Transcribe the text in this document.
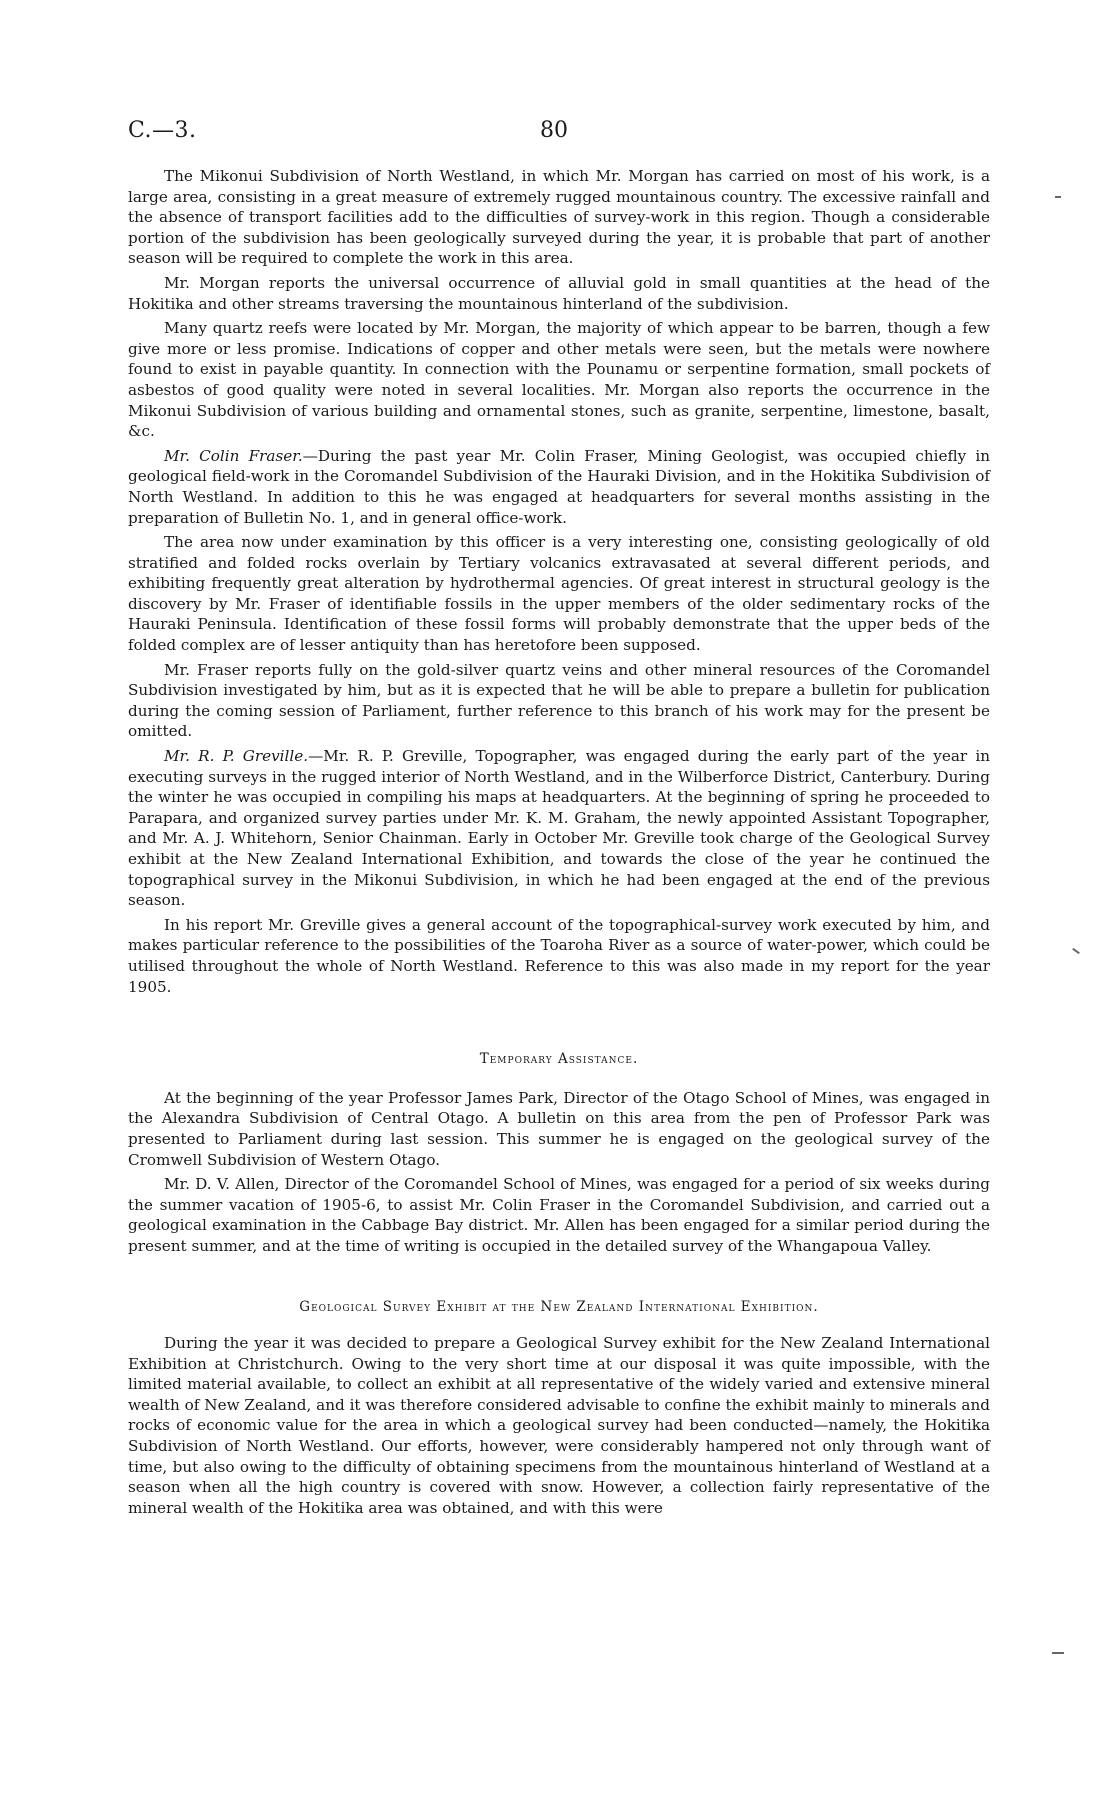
C.—3.	80

The Mikonui Subdivision of North Westland, in which Mr. Morgan has carried on most of his work, is a large area, consisting in a great measure of extremely rugged mountainous country. The excessive rainfall and the absence of transport facilities add to the difficulties of survey-work in this region. Though a considerable portion of the subdivision has been geologically surveyed during the year, it is probable that part of another season will be required to complete the work in this area.

Mr. Morgan reports the universal occurrence of alluvial gold in small quantities at the head of the Hokitika and other streams traversing the mountainous hinterland of the subdivision.

Many quartz reefs were located by Mr. Morgan, the majority of which appear to be barren, though a few give more or less promise. Indications of copper and other metals were seen, but the metals were nowhere found to exist in payable quantity. In connection with the Pounamu or serpentine formation, small pockets of asbestos of good quality were noted in several localities. Mr. Morgan also reports the occurrence in the Mikonui Subdivision of various building and ornamental stones, such as granite, serpentine, limestone, basalt, &c.

Mr. Colin Fraser.—During the past year Mr. Colin Fraser, Mining Geologist, was occupied chiefly in geological field-work in the Coromandel Subdivision of the Hauraki Division, and in the Hokitika Subdivision of North Westland. In addition to this he was engaged at headquarters for several months assisting in the preparation of Bulletin No. 1, and in general office-work.

The area now under examination by this officer is a very interesting one, consisting geologically of old stratified and folded rocks overlain by Tertiary volcanics extravasated at several different periods, and exhibiting frequently great alteration by hydrothermal agencies. Of great interest in structural geology is the discovery by Mr. Fraser of identifiable fossils in the upper members of the older sedimentary rocks of the Hauraki Peninsula. Identification of these fossil forms will probably demonstrate that the upper beds of the folded complex are of lesser antiquity than has heretofore been supposed.

Mr. Fraser reports fully on the gold-silver quartz veins and other mineral resources of the Coromandel Subdivision investigated by him, but as it is expected that he will be able to prepare a bulletin for publication during the coming session of Parliament, further reference to this branch of his work may for the present be omitted.

Mr. R. P. Greville.—Mr. R. P. Greville, Topographer, was engaged during the early part of the year in executing surveys in the rugged interior of North Westland, and in the Wilberforce District, Canterbury. During the winter he was occupied in compiling his maps at headquarters. At the beginning of spring he proceeded to Parapara, and organized survey parties under Mr. K. M. Graham, the newly appointed Assistant Topographer, and Mr. A. J. Whitehorn, Senior Chainman. Early in October Mr. Greville took charge of the Geological Survey exhibit at the New Zealand International Exhibition, and towards the close of the year he continued the topographical survey in the Mikonui Subdivision, in which he had been engaged at the end of the previous season.

In his report Mr. Greville gives a general account of the topographical-survey work executed by him, and makes particular reference to the possibilities of the Toaroha River as a source of water-power, which could be utilised throughout the whole of North Westland. Reference to this was also made in my report for the year 1905.

Temporary Assistance.

At the beginning of the year Professor James Park, Director of the Otago School of Mines, was engaged in the Alexandra Subdivision of Central Otago. A bulletin on this area from the pen of Professor Park was presented to Parliament during last session. This summer he is engaged on the geological survey of the Cromwell Subdivision of Western Otago.

Mr. D. V. Allen, Director of the Coromandel School of Mines, was engaged for a period of six weeks during the summer vacation of 1905-6, to assist Mr. Colin Fraser in the Coromandel Subdivision, and carried out a geological examination in the Cabbage Bay district. Mr. Allen has been engaged for a similar period during the present summer, and at the time of writing is occupied in the detailed survey of the Whangapoua Valley.

Geological Survey Exhibit at the New Zealand International Exhibition.

During the year it was decided to prepare a Geological Survey exhibit for the New Zealand International Exhibition at Christchurch. Owing to the very short time at our disposal it was quite impossible, with the limited material available, to collect an exhibit at all representative of the widely varied and extensive mineral wealth of New Zealand, and it was therefore considered advisable to confine the exhibit mainly to minerals and rocks of economic value for the area in which a geological survey had been conducted—namely, the Hokitika Subdivision of North Westland. Our efforts, however, were considerably hampered not only through want of time, but also owing to the difficulty of obtaining specimens from the mountainous hinterland of Westland at a season when all the high country is covered with snow. However, a collection fairly representative of the mineral wealth of the Hokitika area was obtained, and with this were
